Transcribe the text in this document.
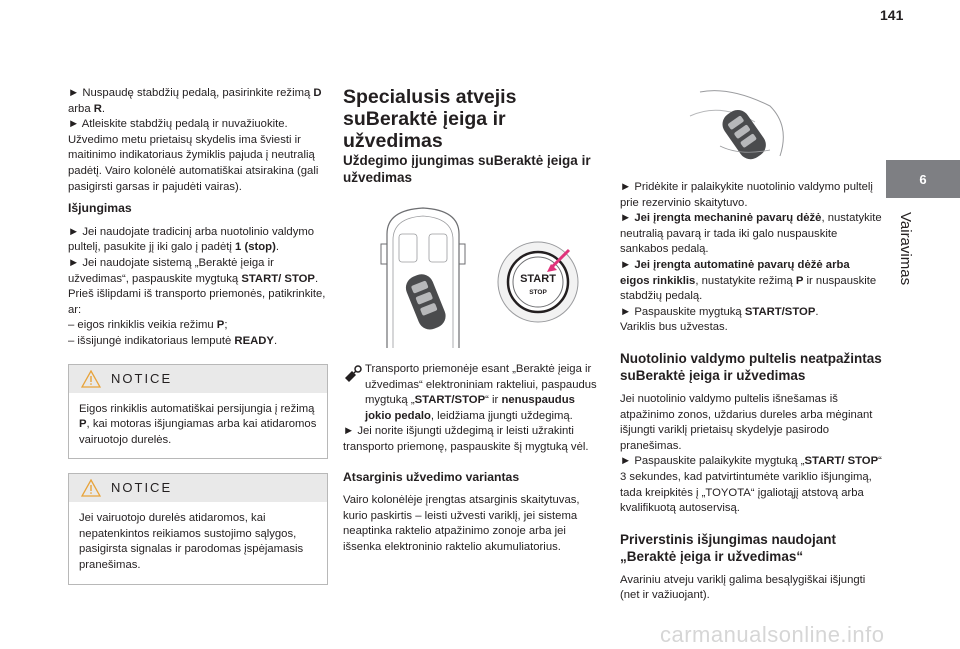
141
6
Vairavimas

► Nuspaudę stabdžių pedalą, pasirinkite režimą D arba R.

► Atleiskite stabdžių pedalą ir nuvažiuokite.

Užvedimo metu prietaisų skydelis ima šviesti ir maitinimo indikatoriaus žymiklis pajuda į neutralią padėtį. Vairo kolonėlė automatiškai atsirakina (gali pasigirsti garsas ir pajudėti vairas).

Išjungimas

► Jei naudojate tradicinį arba nuotolinio valdymo pultelį, pasukite jį iki galo į padėtį 1 (stop).

► Jei naudojate sistemą „Beraktė įeiga ir užvedimas“, paspauskite mygtuką START/ STOP.

Prieš išlipdami iš transporto priemonės, patikrinkite, ar:

– eigos rinkiklis veikia režimu P;

– išsijungė indikatoriaus lemputė READY.

NOTICE
Eigos rinkiklis automatiškai persijungia į režimą P, kai motoras išjungiamas arba kai atidaromos vairuotojo durelės.
NOTICE
Jei vairuotojo durelės atidaromos, kai nepatenkintos reikiamos sustojimo sąlygos, pasigirsta signalas ir parodomas įspėjamasis pranešimas.

Specialusis atvejis suBeraktė įeiga ir užvedimas

Uždegimo įjungimas suBeraktė įeiga ir užvedimas

START
STOP

Transporto priemonėje esant „Beraktė įeiga ir užvedimas“ elektroniniam rakteliui, paspaudus mygtuką „START/STOP“ ir nenuspaudus jokio pedalo, leidžiama įjungti uždegimą.

► Jei norite išjungti uždegimą ir leisti užrakinti transporto priemonę, paspauskite šį mygtuką vėl.

Atsarginis užvedimo variantas

Vairo kolonėlėje įrengtas atsarginis skaitytuvas, kurio paskirtis – leisti užvesti variklį, jei sistema neaptinka raktelio atpažinimo zonoje arba jei išsenka elektroninio raktelio akumuliatorius.

► Pridėkite ir palaikykite nuotolinio valdymo pultelį prie rezervinio skaitytuvo.

► Jei įrengta mechaninė pavarų dėžė, nustatykite neutralią pavarą ir tada iki galo nuspauskite sankabos pedalą.

► Jei įrengta automatinė pavarų dėžė arba eigos rinkiklis, nustatykite režimą P ir nuspauskite stabdžių pedalą.

► Paspauskite mygtuką START/STOP.

Variklis bus užvestas.

Nuotolinio valdymo pultelis neatpažintas suBeraktė įeiga ir užvedimas

Jei nuotolinio valdymo pultelis išnešamas iš atpažinimo zonos, uždarius dureles arba mėginant išjungti variklį prietaisų skydelyje pasirodo pranešimas.

► Paspauskite palaikykite mygtuką „START/ STOP“ 3 sekundes, kad patvirtintumėte variklio išjungimą, tada kreipkitės į „TOYOTA“ įgaliotąjį atstovą arba kvalifikuotą autoservisą.

Priverstinis išjungimas naudojant „Beraktė įeiga ir užvedimas“

Avariniu atveju variklį galima besąlygiškai išjungti (net ir važiuojant).

carmanualsonline.info
